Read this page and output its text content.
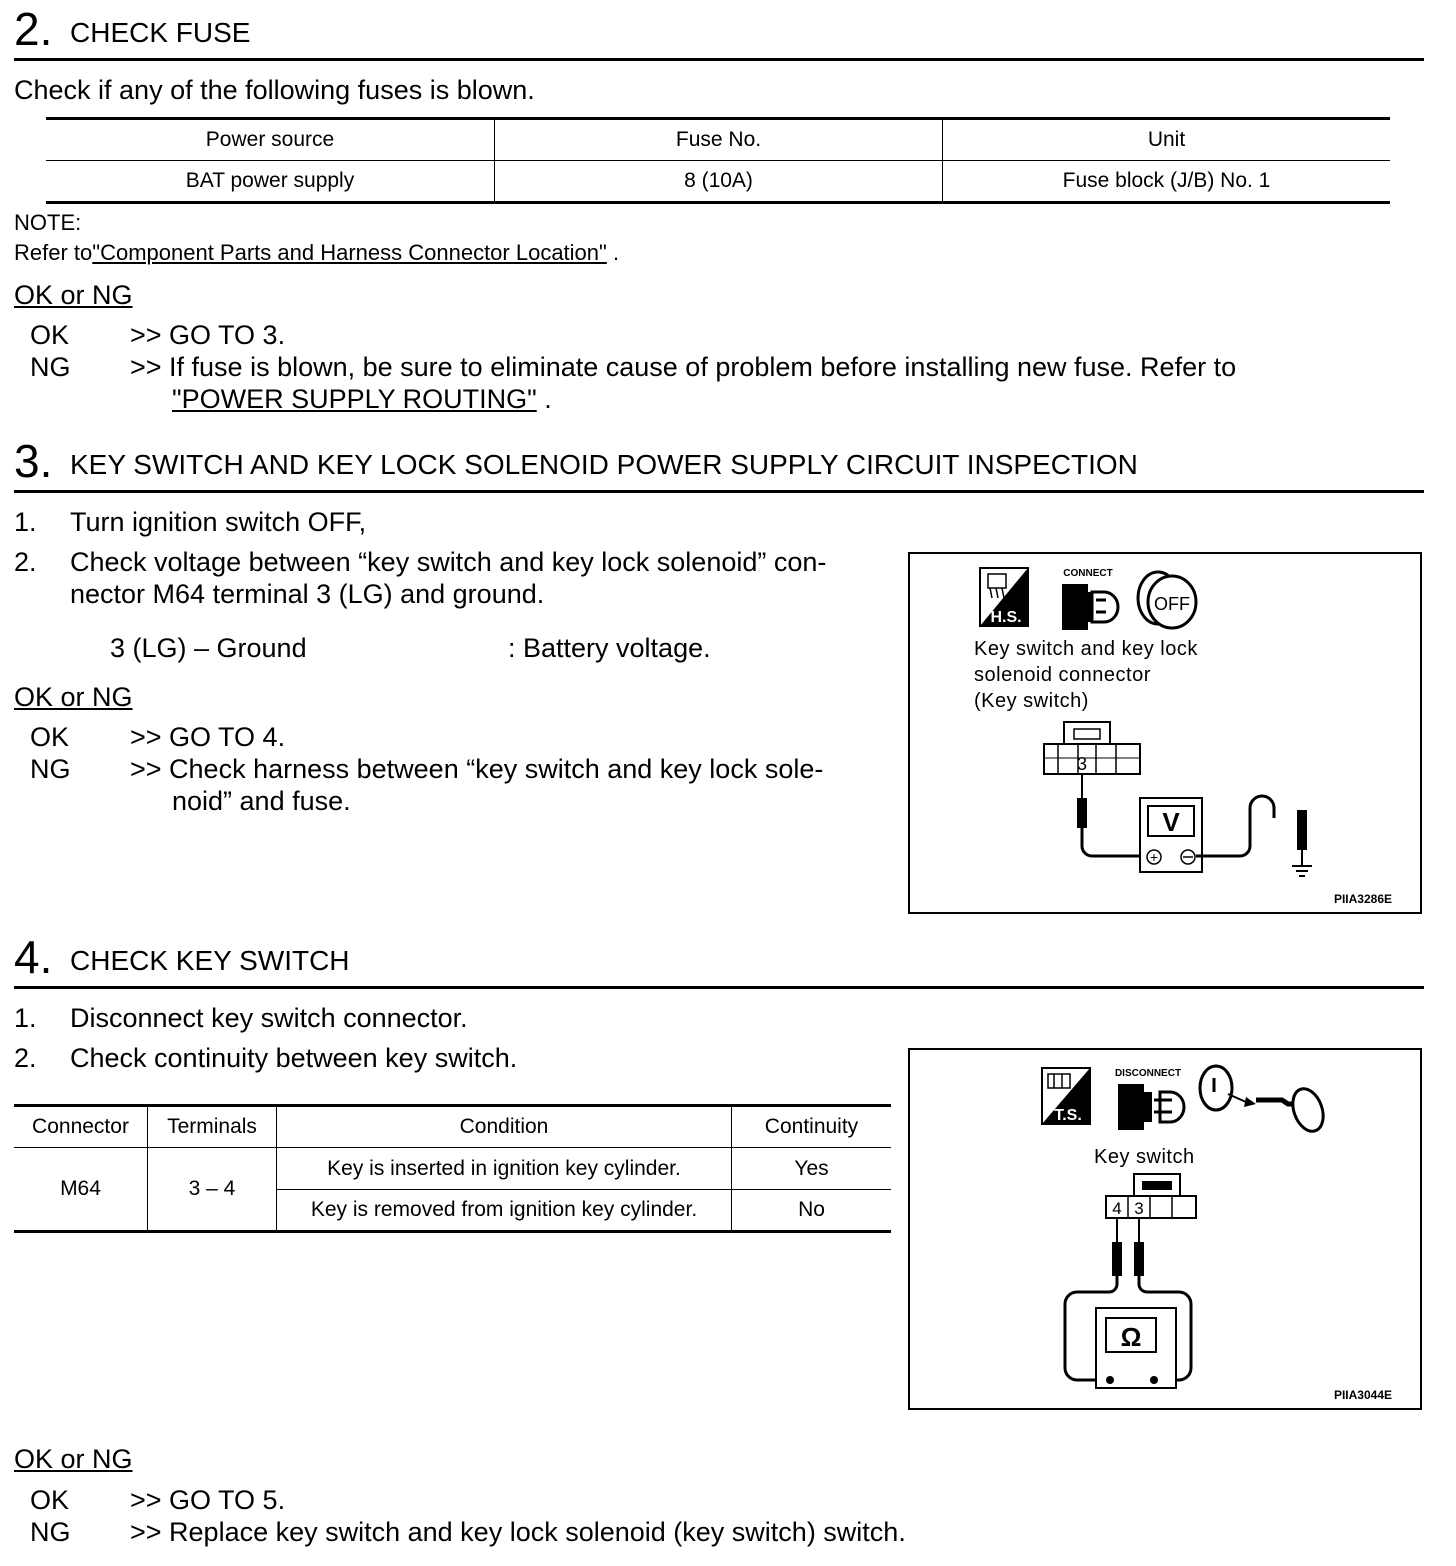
2. CHECK FUSE
Check if any of the following fuses is blown.
Power source	Fuse No.	Unit
BAT power supply	8 (10A)	Fuse block (J/B) No. 1
NOTE:
Refer to"Component Parts and Harness Connector Location" .
OK or NG
OK >> GO TO 3.
NG >> If fuse is blown, be sure to eliminate cause of problem before installing new fuse. Refer to
"POWER SUPPLY ROUTING" .
3. KEY SWITCH AND KEY LOCK SOLENOID POWER SUPPLY CIRCUIT INSPECTION
1. Turn ignition switch OFF,
2. Check voltage between “key switch and key lock solenoid” con-
nector M64 terminal 3 (LG) and ground.
3 (LG) – Ground	: Battery voltage.
OK or NG
OK >> GO TO 4.
NG >> Check harness between “key switch and key lock sole-
noid” and fuse.
H.S.
CONNECT
OFF
3
V
+
Key switch and key lock
solenoid connector
(Key switch)
PIIA3286E
4. CHECK KEY SWITCH
1. Disconnect key switch connector.
2. Check continuity between key switch.
Connector	Terminals	Condition	Continuity
M64	3 – 4	Key is inserted in ignition key cylinder.	Yes
		Key is removed from ignition key cylinder.	No
T.S.
DISCONNECT
4 3
Ω
Key switch
PIIA3044E
OK or NG
OK >> GO TO 5.
NG >> Replace key switch and key lock solenoid (key switch) switch.
